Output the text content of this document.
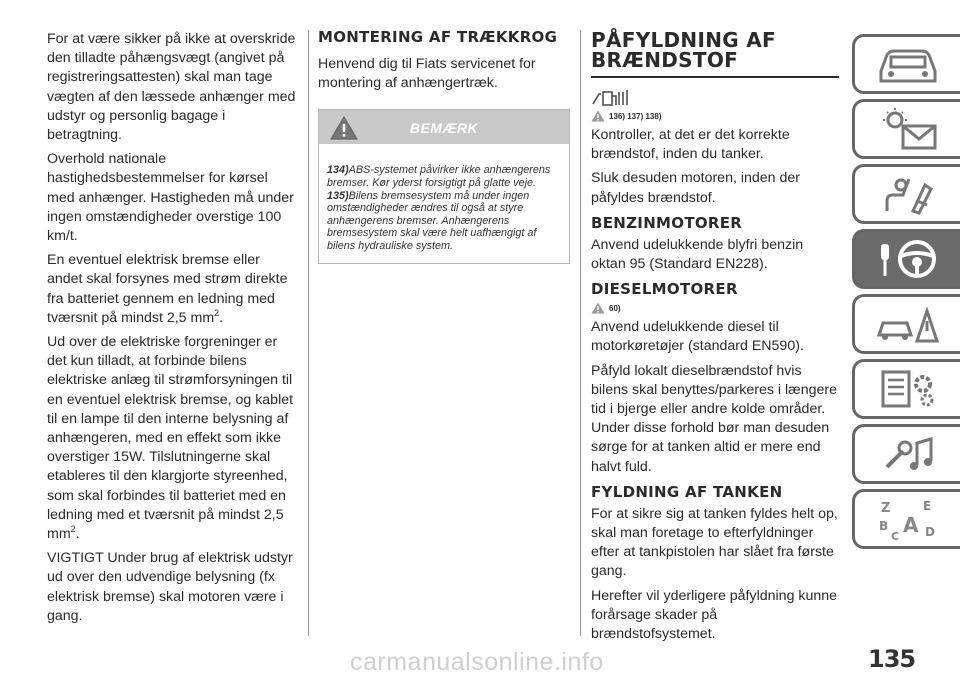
For at være sikker på ikke at overskride den tilladte påhængsvægt (angivet på registreringsattesten) skal man tage vægten af den læssede anhænger med udstyr og personlig bagage i betragtning.

Overhold nationale hastighedsbestemmelser for kørsel med anhænger. Hastigheden må under ingen omstændigheder overstige 100 km/t.

En eventuel elektrisk bremse eller andet skal forsynes med strøm direkte fra batteriet gennem en ledning med tværsnit på mindst 2,5 $mm^2$.

Ud over de elektriske forgreninger er det kun tilladt, at forbinde bilens elektriske anlæg til strømforsyningen til en eventuel elektrisk bremse, og kablet til en lampe til den interne belysning af anhængeren, med en effekt som ikke overstiger 15W. Tilslutningerne skal etableres til den klargjorte styreenhed, som skal forbindes til batteriet med en ledning med et tværsnit på mindst 2,5 $mm^2$.

VIGTIGT Under brug af elektrisk udstyr ud over den udvendige belysning (fx elektrisk bremse) skal motoren være i gang.

MONTERING AF TRÆKKROG

Henvend dig til Fiats servicenet for montering af anhængertræk.

BEMÆRK
134)ABS-systemet påvirker ikke anhængerens bremser. Kør yderst forsigtigt på glatte veje.
135)Bilens bremsesystem må under ingen omstændigheder ændres til også at styre anhængerens bremser. Anhængerens bremsesystem skal være helt uafhængigt af bilens hydrauliske system.
PÅFYLDNING AF BRÆNDSTOF
136) 137) 138)

Kontroller, at det er det korrekte brændstof, inden du tanker.

Sluk desuden motoren, inden der påfyldes brændstof.

BENZINMOTORER

Anvend udelukkende blyfri benzin oktan 95 (Standard EN228).

DIESELMOTORER
60)

Anvend udelukkende diesel til motorkøretøjer (standard EN590).

Påfyld lokalt dieselbrændstof hvis bilens skal benyttes/parkeres i længere tid i bjerge eller andre kolde områder. Under disse forhold bør man desuden sørge for at tanken altid er mere end halvt fuld.

FYLDNING AF TANKEN

For at sikre sig at tanken fyldes helt op, skal man foretage to efterfyldninger efter at tankpistolen har slået fra første gang.

Herefter vil yderligere påfyldning kunne forårsage skader på brændstofsystemet.

Z	E
B A
C D
135
carmanualsonline.info
